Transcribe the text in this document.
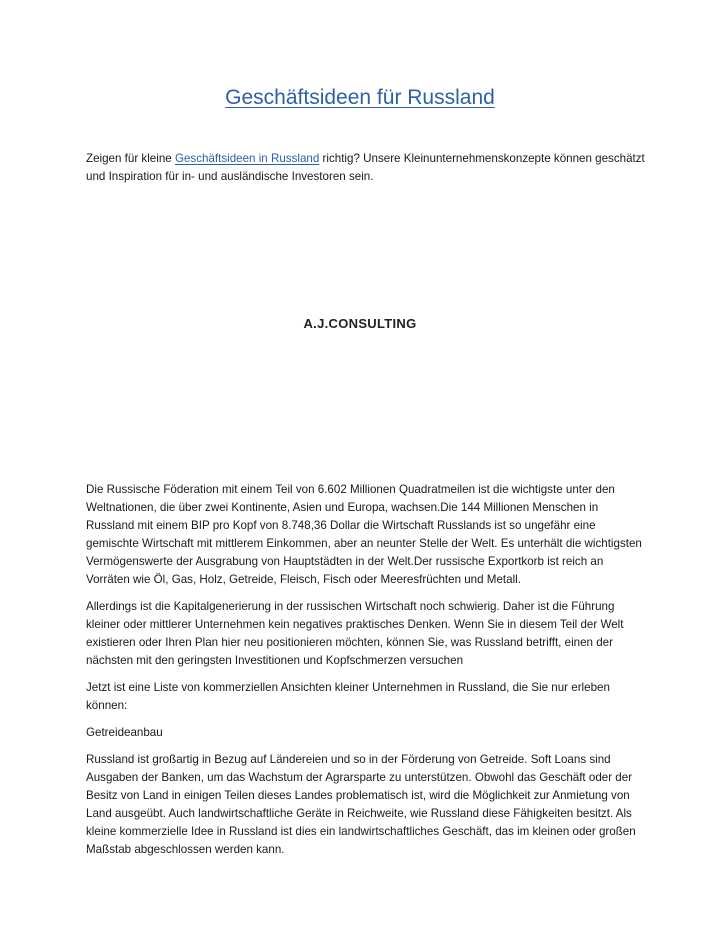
Geschäftsideen für Russland

Zeigen für kleine Geschäftsideen in Russland richtig? Unsere Kleinunternehmenskonzepte können geschätzt und Inspiration für in- und ausländische Investoren sein.

A.J.CONSULTING

Die Russische Föderation mit einem Teil von 6.602 Millionen Quadratmeilen ist die wichtigste unter den Weltnationen, die über zwei Kontinente, Asien und Europa, wachsen.Die 144 Millionen Menschen in Russland mit einem BIP pro Kopf von 8.748,36 Dollar die Wirtschaft Russlands ist so ungefähr eine gemischte Wirtschaft mit mittlerem Einkommen, aber an neunter Stelle der Welt. Es unterhält die wichtigsten Vermögenswerte der Ausgrabung von Hauptstädten in der Welt.Der russische Exportkorb ist reich an Vorräten wie Öl, Gas, Holz, Getreide, Fleisch, Fisch oder Meeresfrüchten und Metall.

Allerdings ist die Kapitalgenerierung in der russischen Wirtschaft noch schwierig. Daher ist die Führung kleiner oder mittlerer Unternehmen kein negatives praktisches Denken. Wenn Sie in diesem Teil der Welt existieren oder Ihren Plan hier neu positionieren möchten, können Sie, was Russland betrifft, einen der nächsten mit den geringsten Investitionen und Kopfschmerzen versuchen

Jetzt ist eine Liste von kommerziellen Ansichten kleiner Unternehmen in Russland, die Sie nur erleben können:

Getreideanbau

Russland ist großartig in Bezug auf Ländereien und so in der Förderung von Getreide. Soft Loans sind Ausgaben der Banken, um das Wachstum der Agrarsparte zu unterstützen. Obwohl das Geschäft oder der Besitz von Land in einigen Teilen dieses Landes problematisch ist, wird die Möglichkeit zur Anmietung von Land ausgeübt. Auch landwirtschaftliche Geräte in Reichweite, wie Russland diese Fähigkeiten besitzt. Als kleine kommerzielle Idee in Russland ist dies ein landwirtschaftliches Geschäft, das im kleinen oder großen Maßstab abgeschlossen werden kann.
